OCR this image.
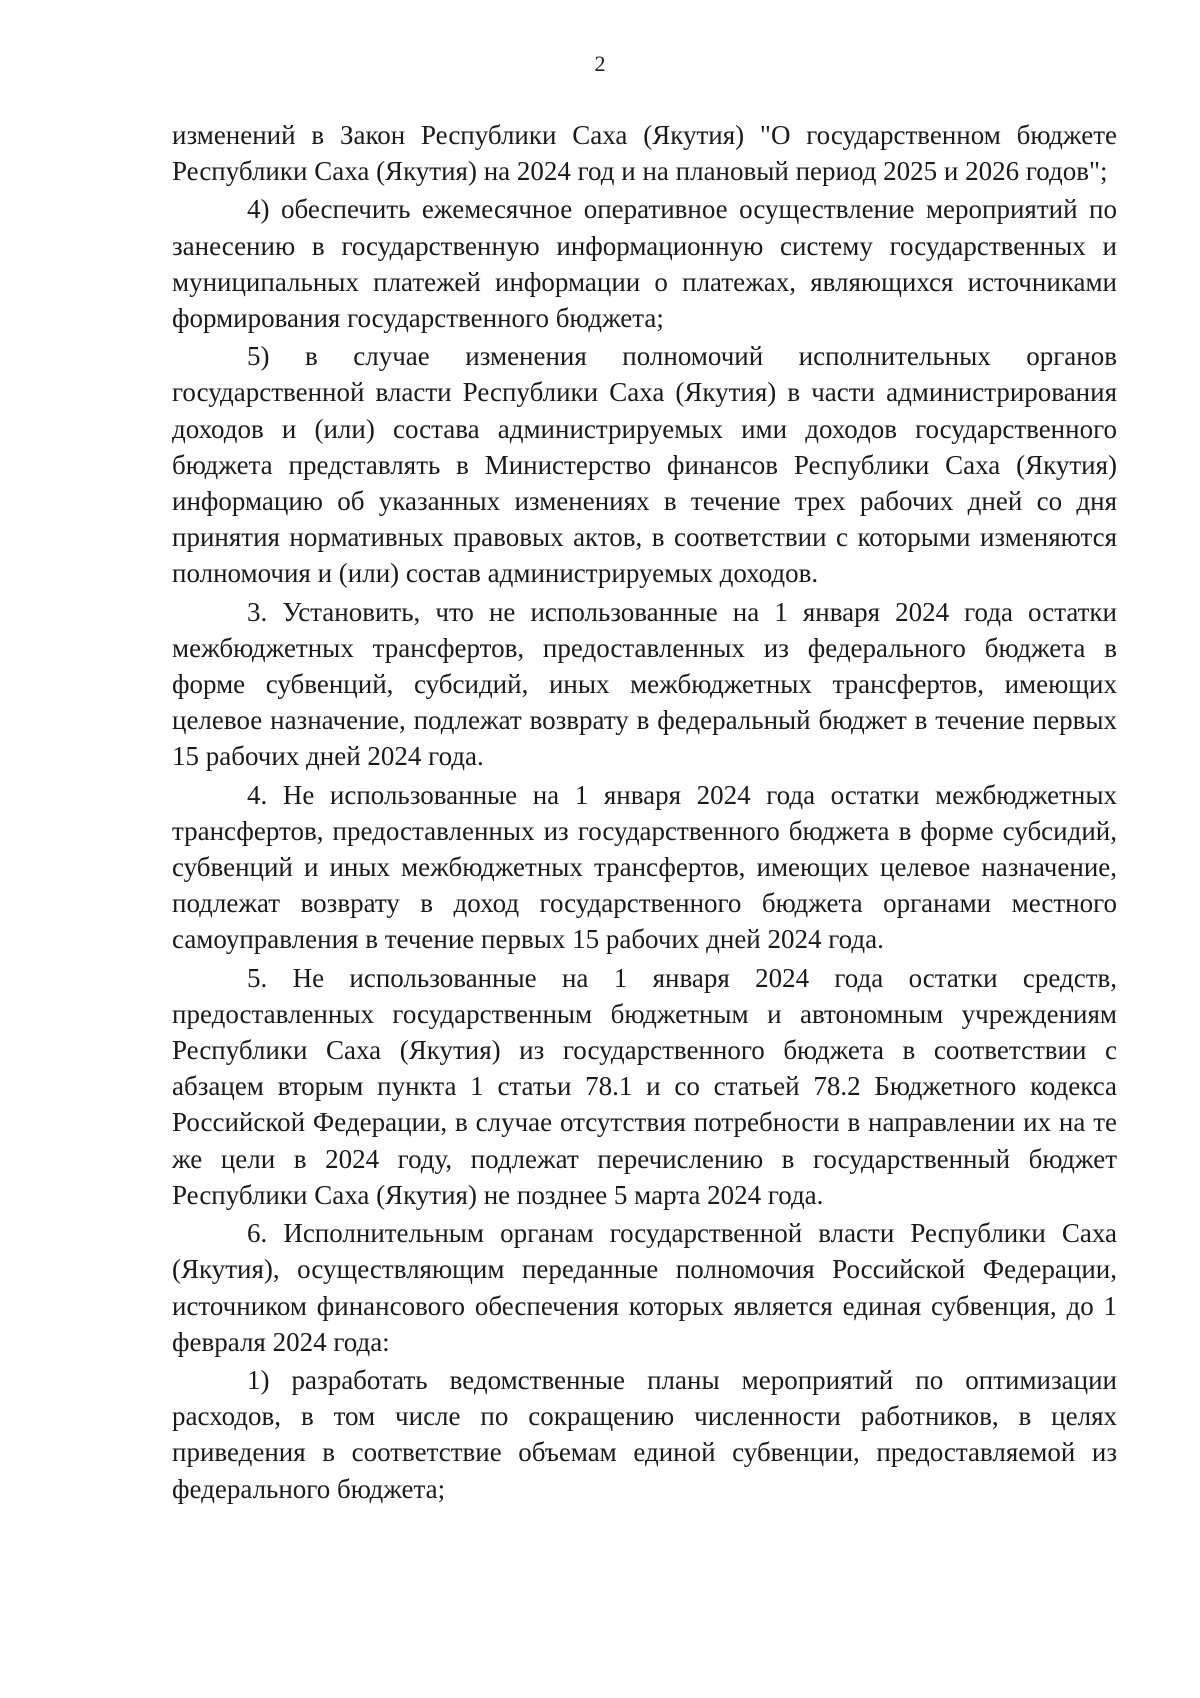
2

изменений в Закон Республики Саха (Якутия) "О государственном бюджете Республики Саха (Якутия) на 2024 год и на плановый период 2025 и 2026 годов";

4) обеспечить ежемесячное оперативное осуществление мероприятий по занесению в государственную информационную систему государственных и муниципальных платежей информации о платежах, являющихся источниками формирования государственного бюджета;

5) в случае изменения полномочий исполнительных органов государственной власти Республики Саха (Якутия) в части администрирования доходов и (или) состава администрируемых ими доходов государственного бюджета представлять в Министерство финансов Республики Саха (Якутия) информацию об указанных изменениях в течение трех рабочих дней со дня принятия нормативных правовых актов, в соответствии с которыми изменяются полномочия и (или) состав администрируемых доходов.

3. Установить, что не использованные на 1 января 2024 года остатки межбюджетных трансфертов, предоставленных из федерального бюджета в форме субвенций, субсидий, иных межбюджетных трансфертов, имеющих целевое назначение, подлежат возврату в федеральный бюджет в течение первых 15 рабочих дней 2024 года.

4. Не использованные на 1 января 2024 года остатки межбюджетных трансфертов, предоставленных из государственного бюджета в форме субсидий, субвенций и иных межбюджетных трансфертов, имеющих целевое назначение, подлежат возврату в доход государственного бюджета органами местного самоуправления в течение первых 15 рабочих дней 2024 года.

5. Не использованные на 1 января 2024 года остатки средств, предоставленных государственным бюджетным и автономным учреждениям Республики Саха (Якутия) из государственного бюджета в соответствии с абзацем вторым пункта 1 статьи 78.1 и со статьей 78.2 Бюджетного кодекса Российской Федерации, в случае отсутствия потребности в направлении их на те же цели в 2024 году, подлежат перечислению в государственный бюджет Республики Саха (Якутия) не позднее 5 марта 2024 года.

6. Исполнительным органам государственной власти Республики Саха (Якутия), осуществляющим переданные полномочия Российской Федерации, источником финансового обеспечения которых является единая субвенция, до 1 февраля 2024 года:

1) разработать ведомственные планы мероприятий по оптимизации расходов, в том числе по сокращению численности работников, в целях приведения в соответствие объемам единой субвенции, предоставляемой из федерального бюджета;
